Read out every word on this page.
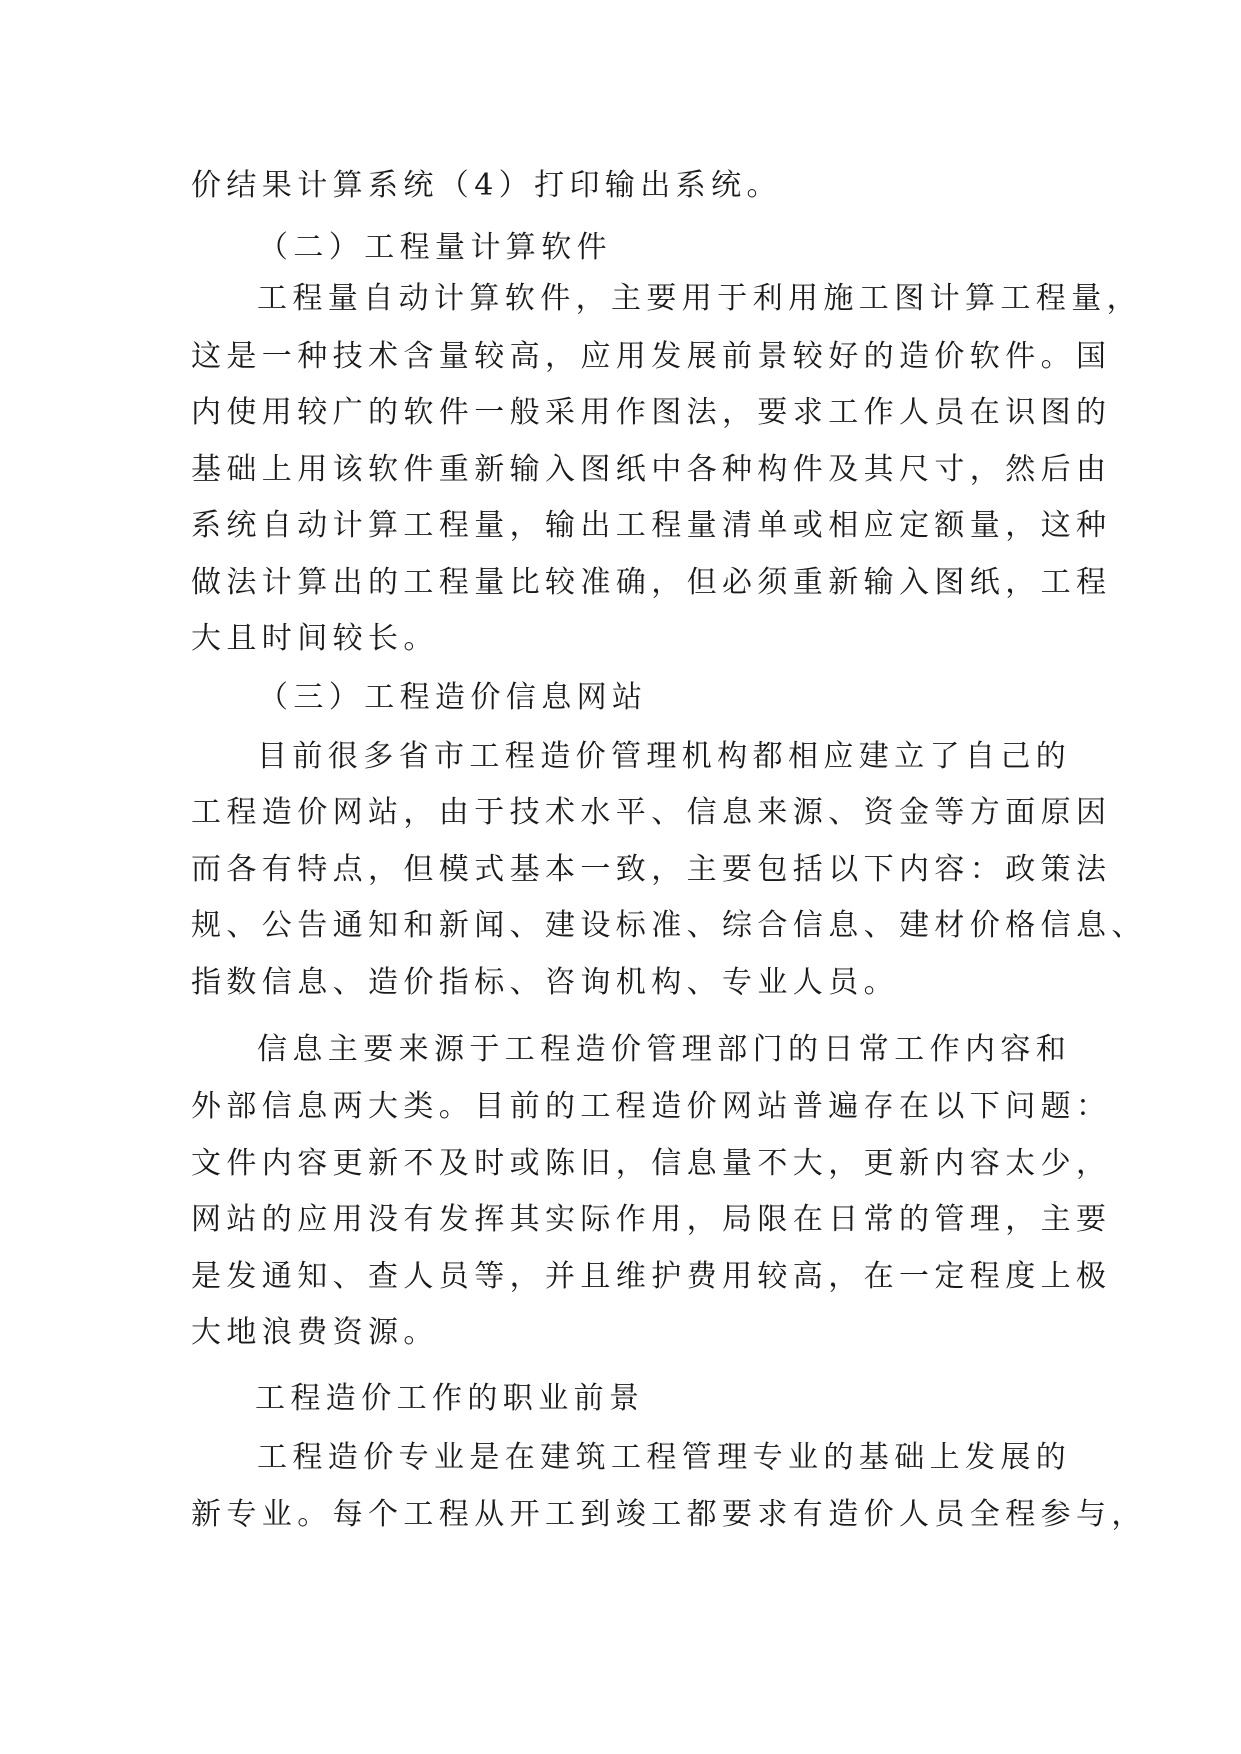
价结果计算系统（4）打印输出系统。
（二）工程量计算软件
工程量自动计算软件，主要用于利用施工图计算工程量，
这是一种技术含量较高，应用发展前景较好的造价软件。国
内使用较广的软件一般采用作图法，要求工作人员在识图的
基础上用该软件重新输入图纸中各种构件及其尺寸，然后由
系统自动计算工程量，输出工程量清单或相应定额量，这种
做法计算出的工程量比较准确，但必须重新输入图纸，工程
大且时间较长。
（三）工程造价信息网站
目前很多省市工程造价管理机构都相应建立了自己的
工程造价网站，由于技术水平、信息来源、资金等方面原因
而各有特点，但模式基本一致，主要包括以下内容：政策法
规、公告通知和新闻、建设标准、综合信息、建材价格信息、
指数信息、造价指标、咨询机构、专业人员。
信息主要来源于工程造价管理部门的日常工作内容和
外部信息两大类。目前的工程造价网站普遍存在以下问题：
文件内容更新不及时或陈旧，信息量不大，更新内容太少，
网站的应用没有发挥其实际作用，局限在日常的管理，主要
是发通知、查人员等，并且维护费用较高，在一定程度上极
大地浪费资源。
工程造价工作的职业前景
工程造价专业是在建筑工程管理专业的基础上发展的
新专业。每个工程从开工到竣工都要求有造价人员全程参与，
